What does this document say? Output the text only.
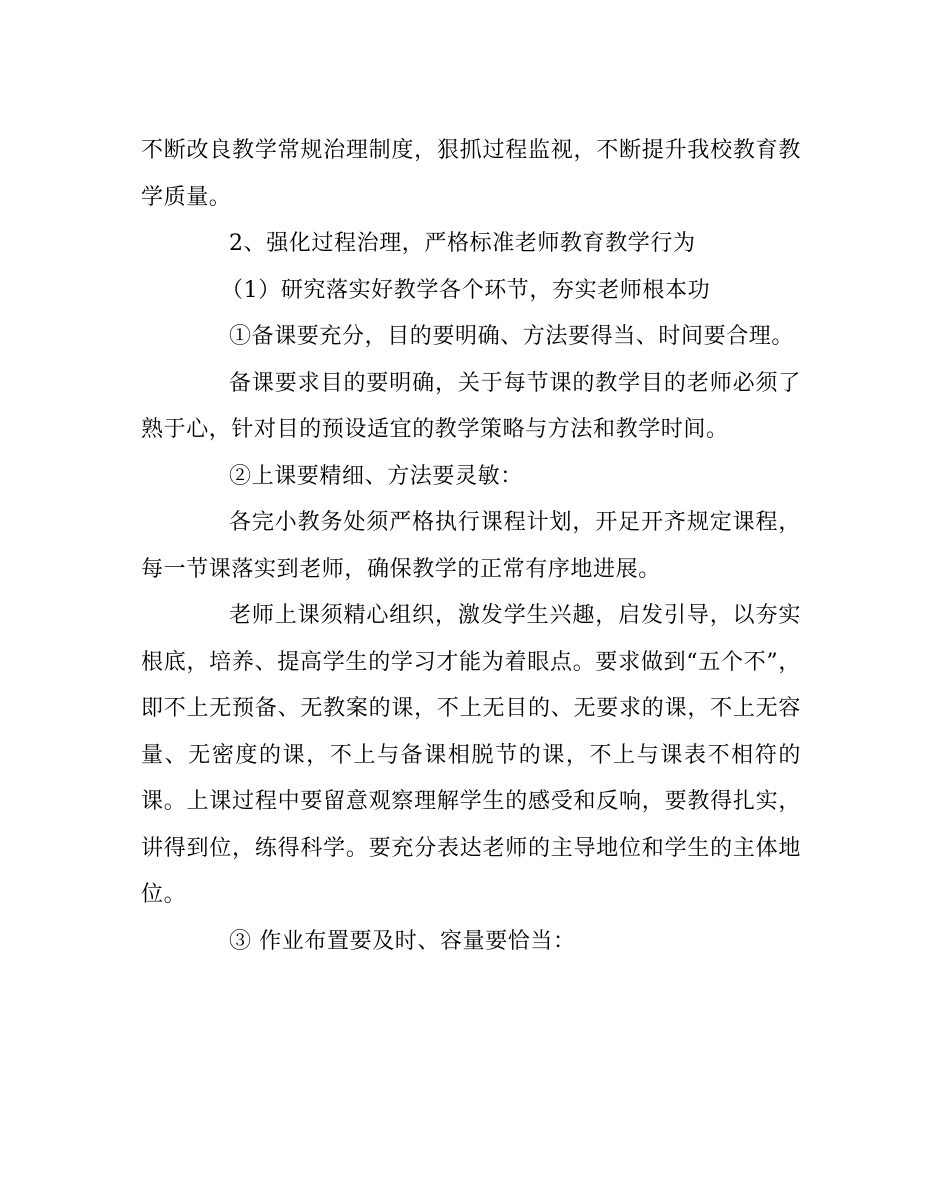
不断改良教学常规治理制度，狠抓过程监视，不断提升我校教育教学质量。

2、强化过程治理，严格标准老师教育教学行为

（1）研究落实好教学各个环节，夯实老师根本功

①备课要充分，目的要明确、方法要得当、时间要合理。

备课要求目的要明确，关于每节课的教学目的老师必须了熟于心，针对目的预设适宜的教学策略与方法和教学时间。

②上课要精细、方法要灵敏：

各完小教务处须严格执行课程计划，开足开齐规定课程，每一节课落实到老师，确保教学的正常有序地进展。

老师上课须精心组织，激发学生兴趣，启发引导，以夯实根底，培养、提高学生的学习才能为着眼点。要求做到“五个不”，即不上无预备、无教案的课，不上无目的、无要求的课，不上无容量、无密度的课，不上与备课相脱节的课，不上与课表不相符的课。上课过程中要留意观察理解学生的感受和反响，要教得扎实，讲得到位，练得科学。要充分表达老师的主导地位和学生的主体地位。

③ 作业布置要及时、容量要恰当：
